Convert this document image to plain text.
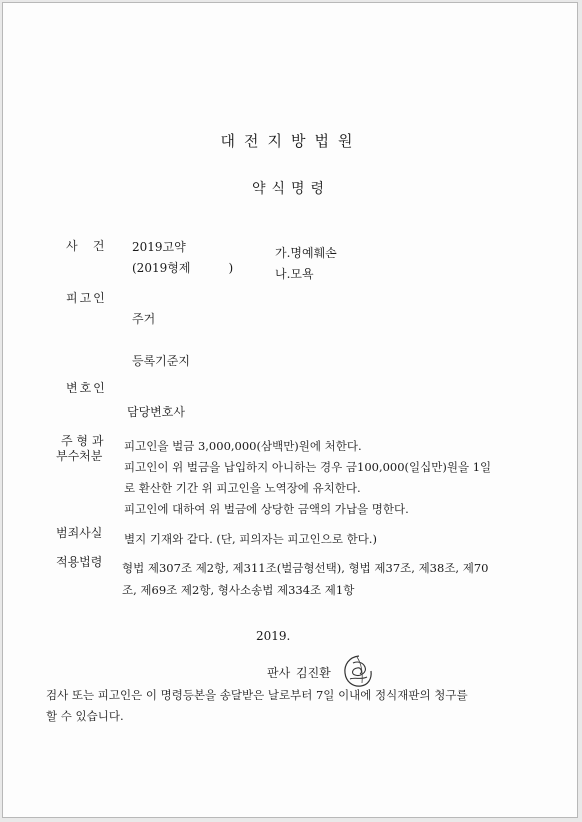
대전지방법원
약식명령
사    건 2019고약
(2019형제          )
가.명예훼손
나.모욕
피고인
주거
등록기준지
변호인
담당변호사
주 형 과
부수처분
피고인을 벌금 3,000,000(삼백만)원에 처한다.
피고인이 위 벌금을 납입하지 아니하는 경우 금100,000(일십만)원을 1일
로 환산한 기간 위 피고인을 노역장에 유치한다.
피고인에 대하여 위 벌금에 상당한 금액의 가납을 명한다.
범죄사실 별지 기재와 같다. (단, 피의자는 피고인으로 한다.)
적용법령 형법 제307조 제2항, 제311조(벌금형선택), 형법 제37조, 제38조, 제70
조, 제69조 제2항, 형사소송법 제334조 제1항
2019.
판사 김진환
검사 또는 피고인은 이 명령등본을 송달받은 날로부터 7일 이내에 정식재판의 청구를
할 수 있습니다.
